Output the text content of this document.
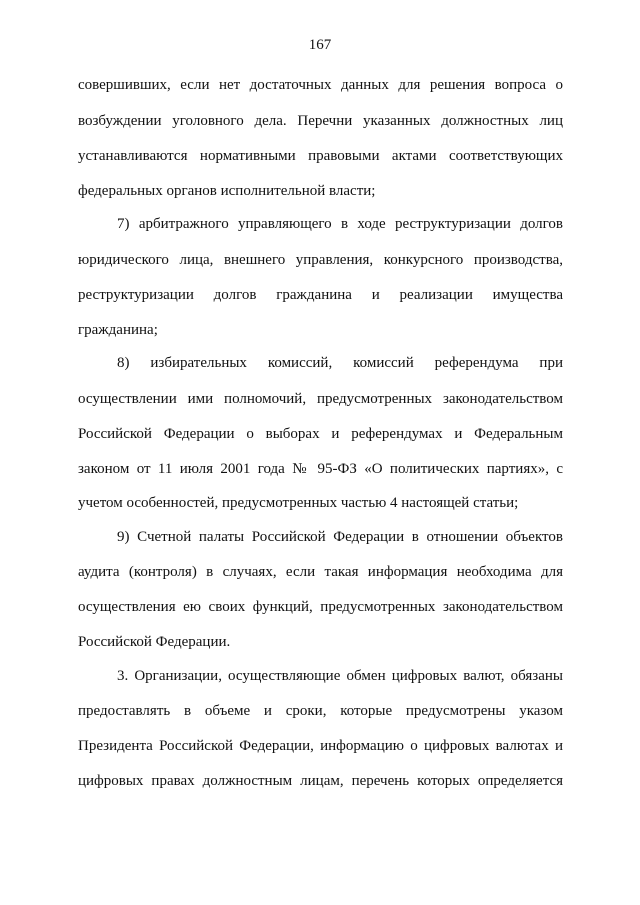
167
совершивших, если нет достаточных данных для решения вопроса о
возбуждении уголовного дела. Перечни указанных должностных лиц
устанавливаются нормативными правовыми актами соответствующих
федеральных органов исполнительной власти;
7) арбитражного управляющего в ходе реструктуризации долгов
юридического лица, внешнего управления, конкурсного производства,
реструктуризации долгов гражданина и реализации имущества
гражданина;
8) избирательных комиссий, комиссий референдума при
осуществлении ими полномочий, предусмотренных законодательством
Российской Федерации о выборах и референдумах и Федеральным
законом от 11 июля 2001 года № 95-ФЗ «О политических партиях», с
учетом особенностей, предусмотренных частью 4 настоящей статьи;
9) Счетной палаты Российской Федерации в отношении объектов
аудита (контроля) в случаях, если такая информация необходима для
осуществления ею своих функций, предусмотренных законодательством
Российской Федерации.
3. Организации, осуществляющие обмен цифровых валют, обязаны
предоставлять в объеме и сроки, которые предусмотрены указом
Президента Российской Федерации, информацию о цифровых валютах и
цифровых правах должностным лицам, перечень которых определяется
